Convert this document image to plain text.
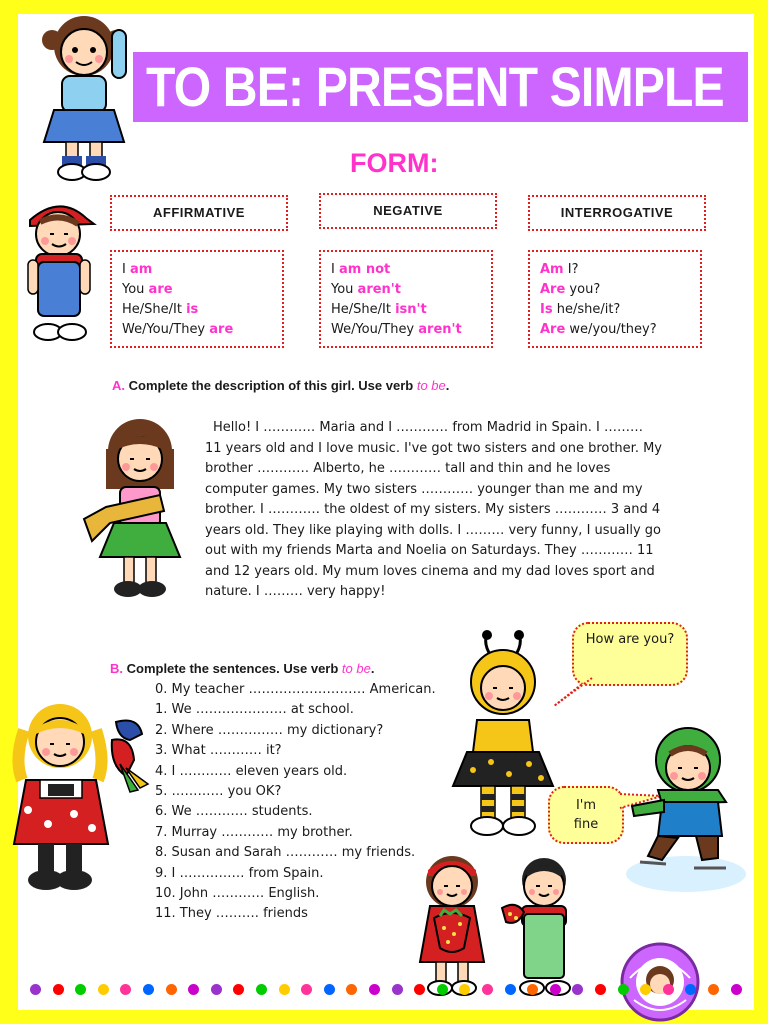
TO BE: PRESENT SIMPLE
FORM:
AFFIRMATIVE	NEGATIVE	INTERROGATIVE
I am
You are
He/She/It is
We/You/They are
I am not
You aren't
He/She/It isn't
We/You/They aren't
Am I?
Are you?
Is he/she/it?
Are we/you/they?
A. Complete the description of this girl. Use verb to be.
Hello! I ………… Maria and I ………… from Madrid in Spain. I ……… 11 years old and I love music. I've got two sisters and one brother. My brother ………… Alberto, he ………… tall and thin and he loves computer games. My two sisters ………… younger than me and my brother. I ………… the oldest of my sisters. My sisters ………… 3 and 4 years old. They like playing with dolls. I ……… very funny, I usually go out with my friends Marta and Noelia on Saturdays. They ………… 11 and 12 years old. My mum loves cinema and my dad loves sport and nature. I ……… very happy!
B. Complete the sentences. Use verb to be.
0. My teacher ……………………… American.
1. We ………………… at school.
2. Where …………… my dictionary?
3. What ………… it?
4. I ………… eleven years old.
5. ………… you OK?
6. We ………… students.
7. Murray ………… my brother.
8. Susan and Sarah ………… my friends.
9. I …………… from Spain.
10. John ………… English.
11. They ………. friends
How are you?
I'm fine
